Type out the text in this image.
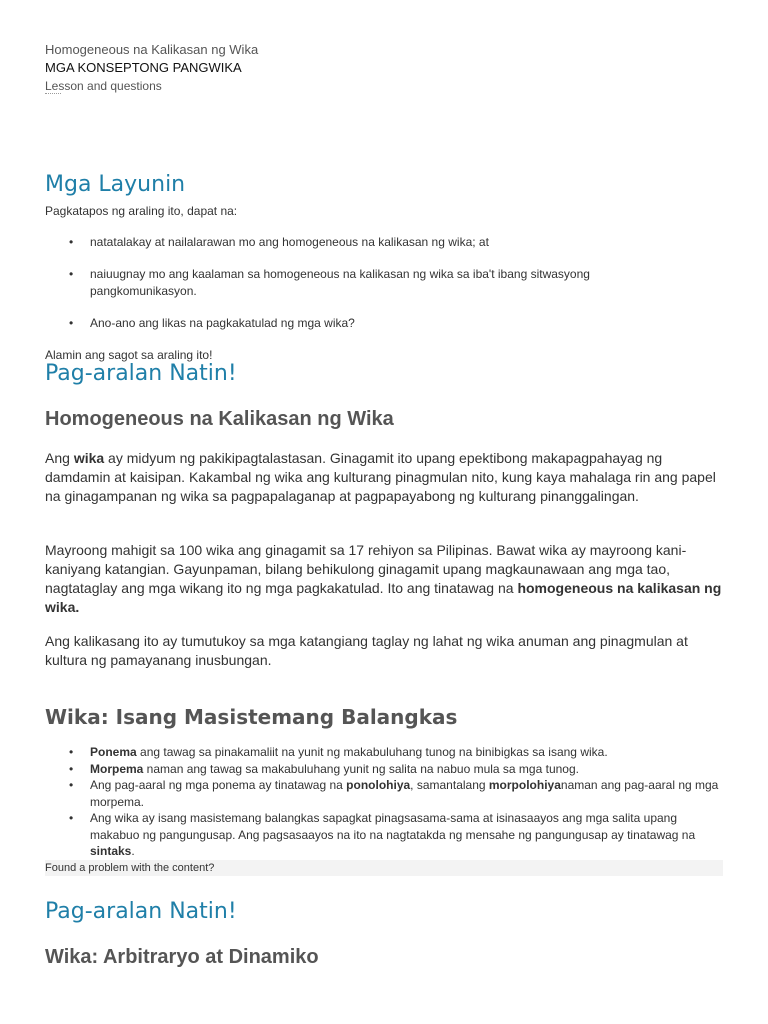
Homogeneous na Kalikasan ng Wika
MGA KONSEPTONG PANGWIKA
Lesson and questions
Mga Layunin

Pagkatapos ng araling ito, dapat na:

• natatalakay at nailalarawan mo ang homogeneous na kalikasan ng wika; at
• naiuugnay mo ang kaalaman sa homogeneous na kalikasan ng wika sa iba't ibang sitwasyong pangkomunikasyon.
• Ano-ano ang likas na pagkakatulad ng mga wika?

Alamin ang sagot sa araling ito!

Pag-aralan Natin!
Homogeneous na Kalikasan ng Wika

Ang wika ay midyum ng pakikipagtalastasan. Ginagamit ito upang epektibong makapagpahayag ng damdamin at kaisipan. Kakambal ng wika ang kulturang pinagmulan nito, kung kaya mahalaga rin ang papel na ginagampanan ng wika sa pagpapalaganap at pagpapayabong ng kulturang pinanggalingan.

Mayroong mahigit sa 100 wika ang ginagamit sa 17 rehiyon sa Pilipinas. Bawat wika ay mayroong kani-kaniyang katangian. Gayunpaman, bilang behikulong ginagamit upang magkaunawaan ang mga tao, nagtataglay ang mga wikang ito ng mga pagkakatulad. Ito ang tinatawag na homogeneous na kalikasan ng wika.

Ang kalikasang ito ay tumutukoy sa mga katangiang taglay ng lahat ng wika anuman ang pinagmulan at kultura ng pamayanang inusbungan.

Wika: Isang Masistemang Balangkas
• Ponema ang tawag sa pinakamaliit na yunit ng makabuluhang tunog na binibigkas sa isang wika.
• Morpema naman ang tawag sa makabuluhang yunit ng salita na nabuo mula sa mga tunog.
• Ang pag-aaral ng mga ponema ay tinatawag na ponolohiya, samantalang morpolohiyanaman ang pag-aaral ng mga morpema.
• Ang wika ay isang masistemang balangkas sapagkat pinagsasama-sama at isinasaayos ang mga salita upang makabuo ng pangungusap. Ang pagsasaayos na ito na nagtatakda ng mensahe ng pangungusap ay tinatawag na sintaks.
Found a problem with the content?
Pag-aralan Natin!
Wika: Arbitraryo at Dinamiko
